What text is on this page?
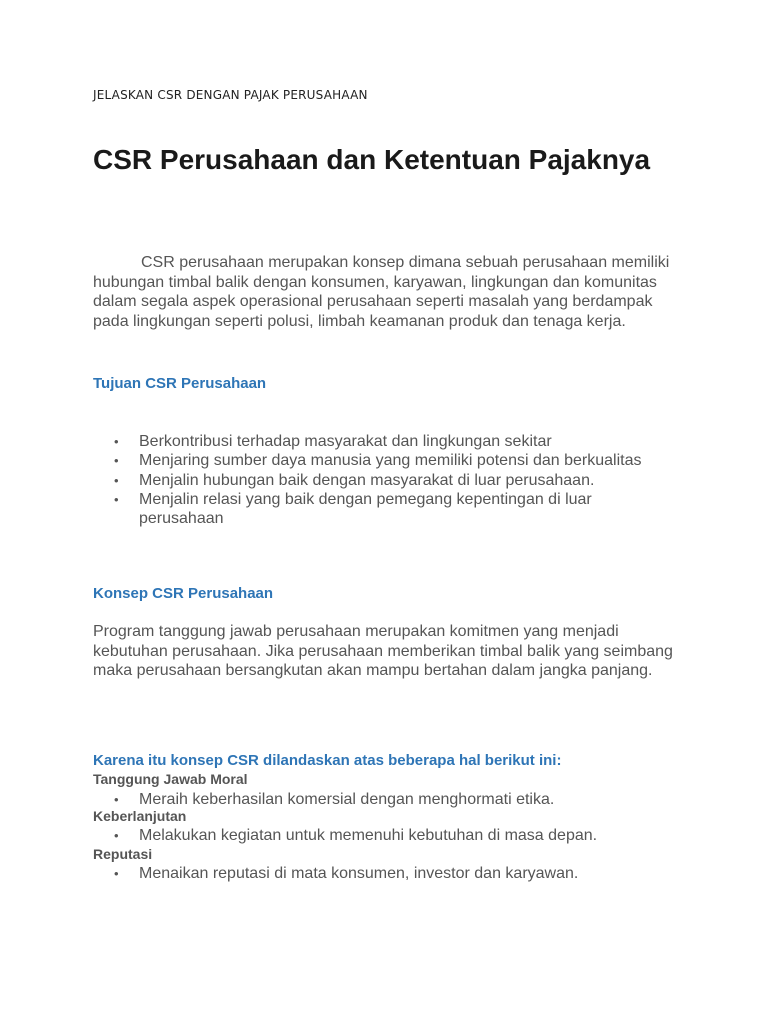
JELASKAN CSR DENGAN PAJAK PERUSAHAAN
CSR Perusahaan dan Ketentuan Pajaknya

CSR perusahaan merupakan konsep dimana sebuah perusahaan memiliki hubungan timbal balik dengan konsumen, karyawan, lingkungan dan komunitas dalam segala aspek operasional perusahaan seperti masalah yang berdampak pada lingkungan seperti polusi, limbah keamanan produk dan tenaga kerja.

Tujuan CSR Perusahaan
• Berkontribusi terhadap masyarakat dan lingkungan sekitar
• Menjaring sumber daya manusia yang memiliki potensi dan berkualitas
• Menjalin hubungan baik dengan masyarakat di luar perusahaan.
• Menjalin relasi yang baik dengan pemegang kepentingan di luar perusahaan
Konsep CSR Perusahaan

Program tanggung jawab perusahaan merupakan komitmen yang menjadi kebutuhan perusahaan. Jika perusahaan memberikan timbal balik yang seimbang maka perusahaan bersangkutan akan mampu bertahan dalam jangka panjang.

Karena itu konsep CSR dilandaskan atas beberapa hal berikut ini:
Tanggung Jawab Moral
• Meraih keberhasilan komersial dengan menghormati etika.
Keberlanjutan
• Melakukan kegiatan untuk memenuhi kebutuhan di masa depan.
Reputasi
• Menaikan reputasi di mata konsumen, investor dan karyawan.
